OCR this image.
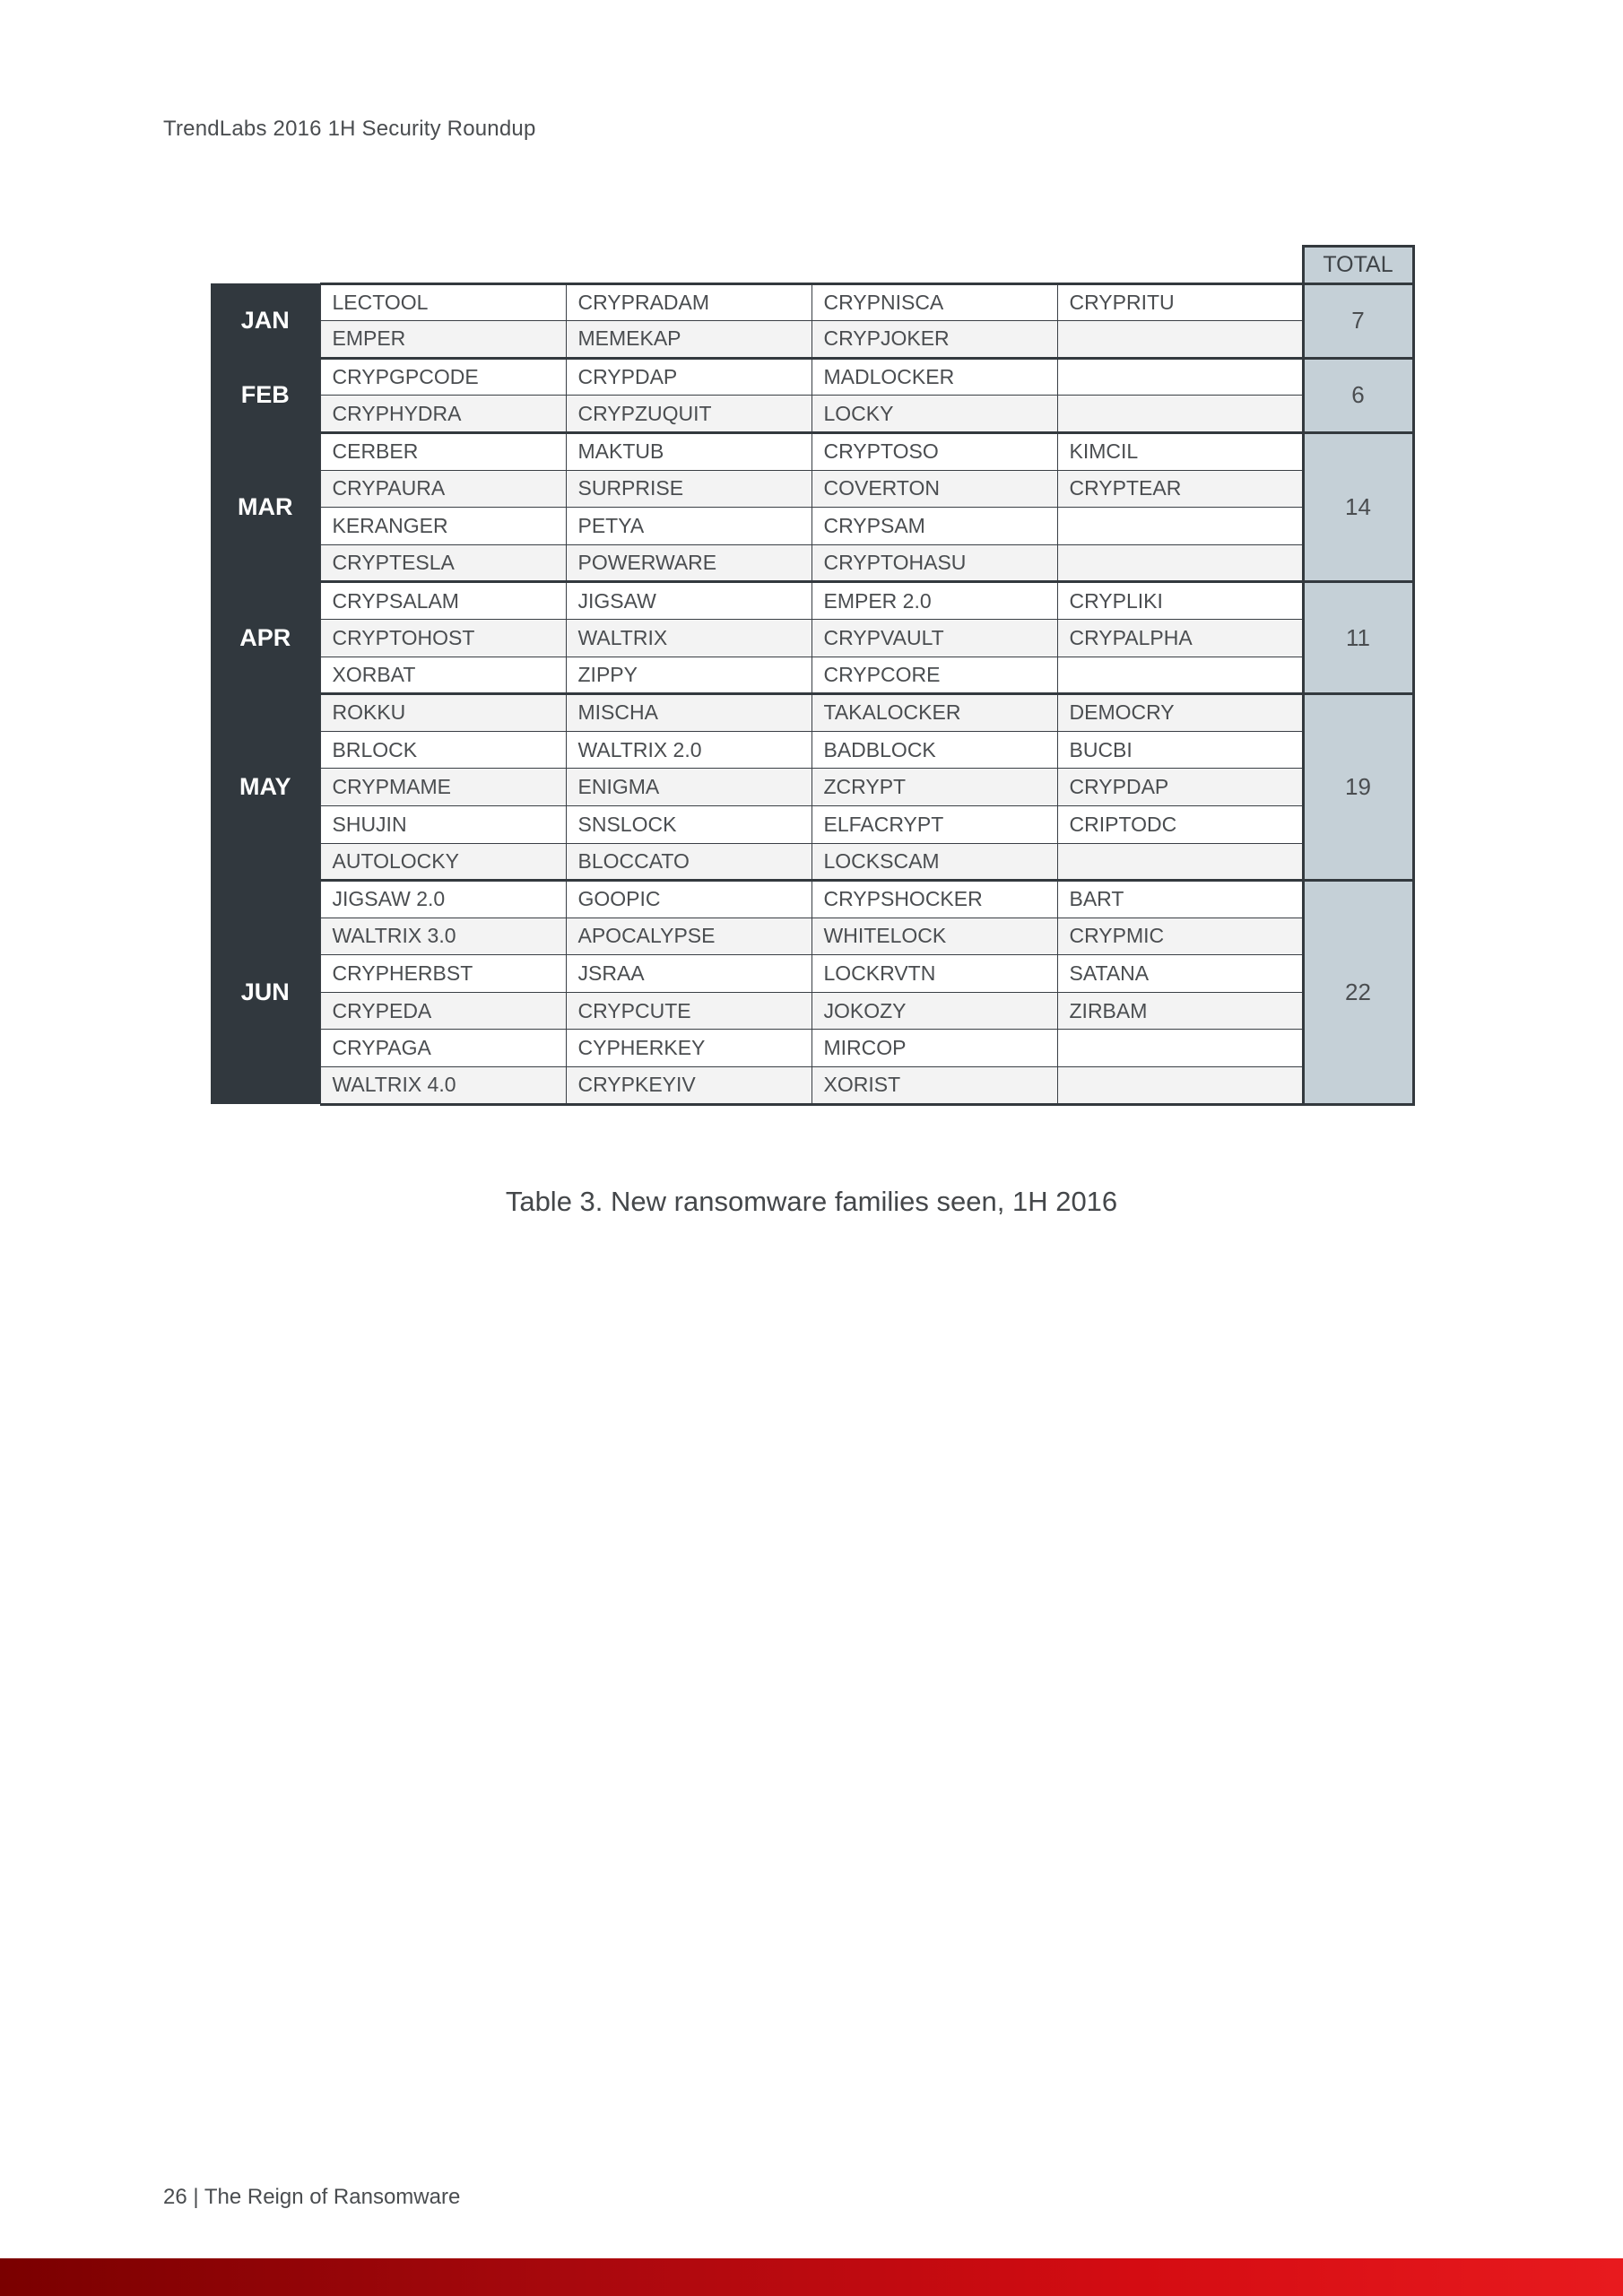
TrendLabs 2016 1H Security Roundup
					TOTAL
JAN	LECTOOL	CRYPRADAM	CRYPNISCA	CRYPRITU	7
	EMPER	MEMEKAP	CRYPJOKER		
FEB	CRYPGPCODE	CRYPDAP	MADLOCKER		6
	CRYPHYDRA	CRYPZUQUIT	LOCKY		
MAR	CERBER	MAKTUB	CRYPTOSO	KIMCIL	14
	CRYPAURA	SURPRISE	COVERTON	CRYPTEAR	
	KERANGER	PETYA	CRYPSAM		
	CRYPTESLA	POWERWARE	CRYPTOHASU		
APR	CRYPSALAM	JIGSAW	EMPER 2.0	CRYPLIKI	11
	CRYPTOHOST	WALTRIX	CRYPVAULT	CRYPALPHA	
	XORBAT	ZIPPY	CRYPCORE		
MAY	ROKKU	MISCHA	TAKALOCKER	DEMOCRY	19
	BRLOCK	WALTRIX 2.0	BADBLOCK	BUCBI	
	CRYPMAME	ENIGMA	ZCRYPT	CRYPDAP	
	SHUJIN	SNSLOCK	ELFACRYPT	CRIPTODC	
	AUTOLOCKY	BLOCCATO	LOCKSCAM		
JUN	JIGSAW 2.0	GOOPIC	CRYPSHOCKER	BART	22
	WALTRIX 3.0	APOCALYPSE	WHITELOCK	CRYPMIC	
	CRYPHERBST	JSRAA	LOCKRVTN	SATANA	
	CRYPEDA	CRYPCUTE	JOKOZY	ZIRBAM	
	CRYPAGA	CYPHERKEY	MIRCOP		
	WALTRIX 4.0	CRYPKEYIV	XORIST		
Table 3. New ransomware families seen, 1H 2016
26 | The Reign of Ransomware
